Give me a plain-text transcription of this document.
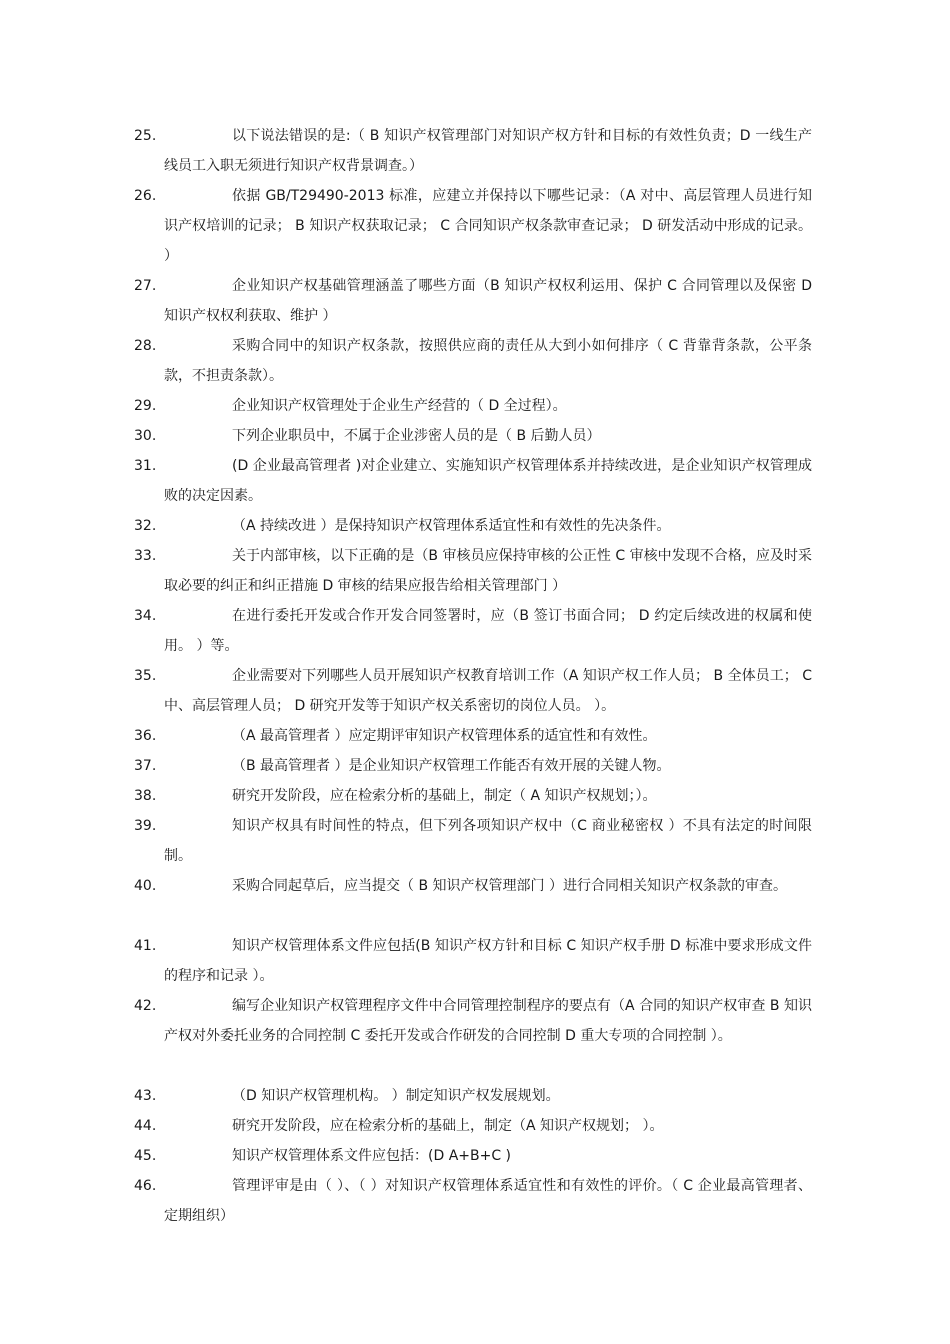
25.	以下说法错误的是:（ B 知识产权管理部门对知识产权方针和目标的有效性负责；D 一线生产线员工入职无须进行知识产权背景调查。）
26.	依据 GB/T29490-2013 标准，应建立并保持以下哪些记录：（A 对中、高层管理人员进行知识产权培训的记录； B 知识产权获取记录； C 合同知识产权条款审查记录； D 研发活动中形成的记录。 ）
27.	企业知识产权基础管理涵盖了哪些方面（B 知识产权权利运用、保护 C 合同管理以及保密 D 知识产权权利获取、维护 ）
28.	采购合同中的知识产权条款，按照供应商的责任从大到小如何排序（ C 背靠背条款，公平条款，不担责条款）。
29.	企业知识产权管理处于企业生产经营的（ D 全过程）。
30.	下列企业职员中，不属于企业涉密人员的是（ B 后勤人员）
31.	(D 企业最高管理者 )对企业建立、实施知识产权管理体系并持续改进，是企业知识产权管理成败的决定因素。
32.	（A 持续改进 ）是保持知识产权管理体系适宜性和有效性的先决条件。
33.	关于内部审核，以下正确的是（B 审核员应保持审核的公正性 C 审核中发现不合格，应及时采取必要的纠正和纠正措施 D 审核的结果应报告给相关管理部门 ）
34.	在进行委托开发或合作开发合同签署时，应（B 签订书面合同； D 约定后续改进的权属和使用。 ）等。
35.	企业需要对下列哪些人员开展知识产权教育培训工作（A 知识产权工作人员； B 全体员工； C 中、高层管理人员； D 研究开发等于知识产权关系密切的岗位人员。 ）。
36.	（A 最高管理者 ）应定期评审知识产权管理体系的适宜性和有效性。
37.	（B 最高管理者 ）是企业知识产权管理工作能否有效开展的关键人物。
38.	研究开发阶段，应在检索分析的基础上，制定（ A 知识产权规划；）。
39.	知识产权具有时间性的特点，但下列各项知识产权中（C 商业秘密权 ）不具有法定的时间限制。
40.	采购合同起草后，应当提交（ B 知识产权管理部门 ）进行合同相关知识产权条款的审查。
41.	知识产权管理体系文件应包括(B 知识产权方针和目标 C 知识产权手册 D 标准中要求形成文件的程序和记录 ）。
42.	编写企业知识产权管理程序文件中合同管理控制程序的要点有（A 合同的知识产权审查 B 知识产权对外委托业务的合同控制 C 委托开发或合作研发的合同控制 D 重大专项的合同控制 ）。
43.	（D 知识产权管理机构。 ）制定知识产权发展规划。
44.	研究开发阶段，应在检索分析的基础上，制定（A 知识产权规划； ）。
45.	知识产权管理体系文件应包括：(D A+B+C )
46.	管理评审是由（ ）、（ ）对知识产权管理体系适宜性和有效性的评价。（ C 企业最高管理者、定期组织）
